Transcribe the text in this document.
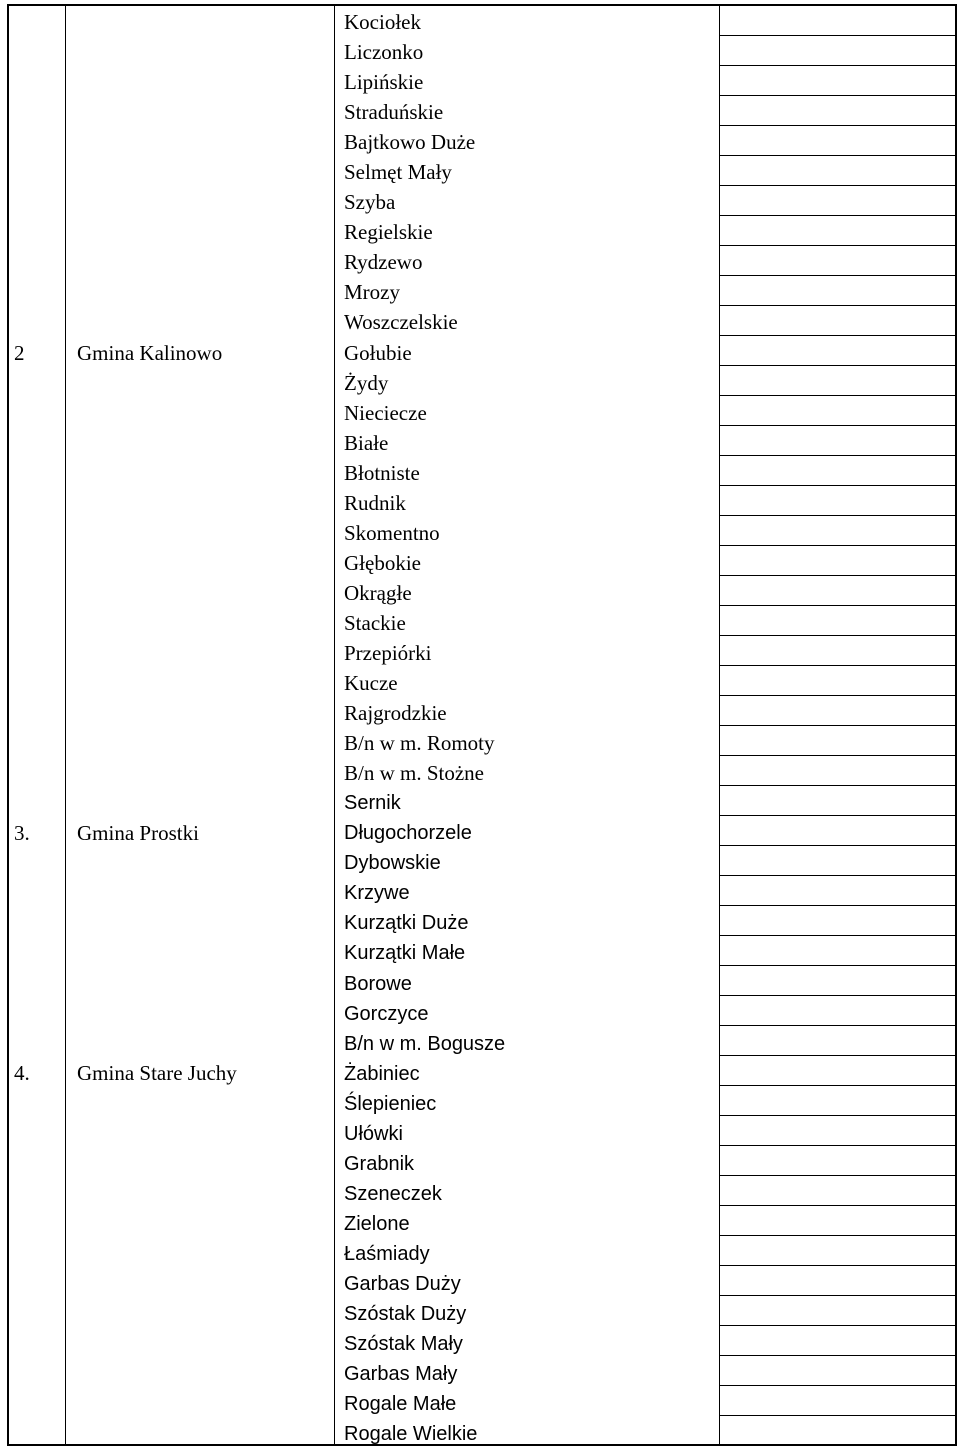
2	Gmina Kalinowo
3. Gmina Prostki
4. Gmina Stare Juchy
Kociołek
Liczonko
Lipińskie
Straduńskie
Bajtkowo Duże
Selmęt Mały
Szyba
Regielskie
Rydzewo
Mrozy
Woszczelskie
Gołubie
Żydy
Nieciecze
Białe
Błotniste
Rudnik
Skomentno
Głębokie
Okrągłe
Stackie
Przepiórki
Kucze
Rajgrodzkie
B/n w m. Romoty
B/n w m. Stożne
Sernik
Długochorzele
Dybowskie
Krzywe
Kurzątki Duże
Kurzątki Małe
Borowe
Gorczyce
B/n w m. Bogusze
Żabiniec
Ślepieniec
Ułówki
Grabnik
Szeneczek
Zielone
Łaśmiady
Garbas Duży
Szóstak Duży
Szóstak Mały
Garbas Mały
Rogale Małe
Rogale Wielkie
